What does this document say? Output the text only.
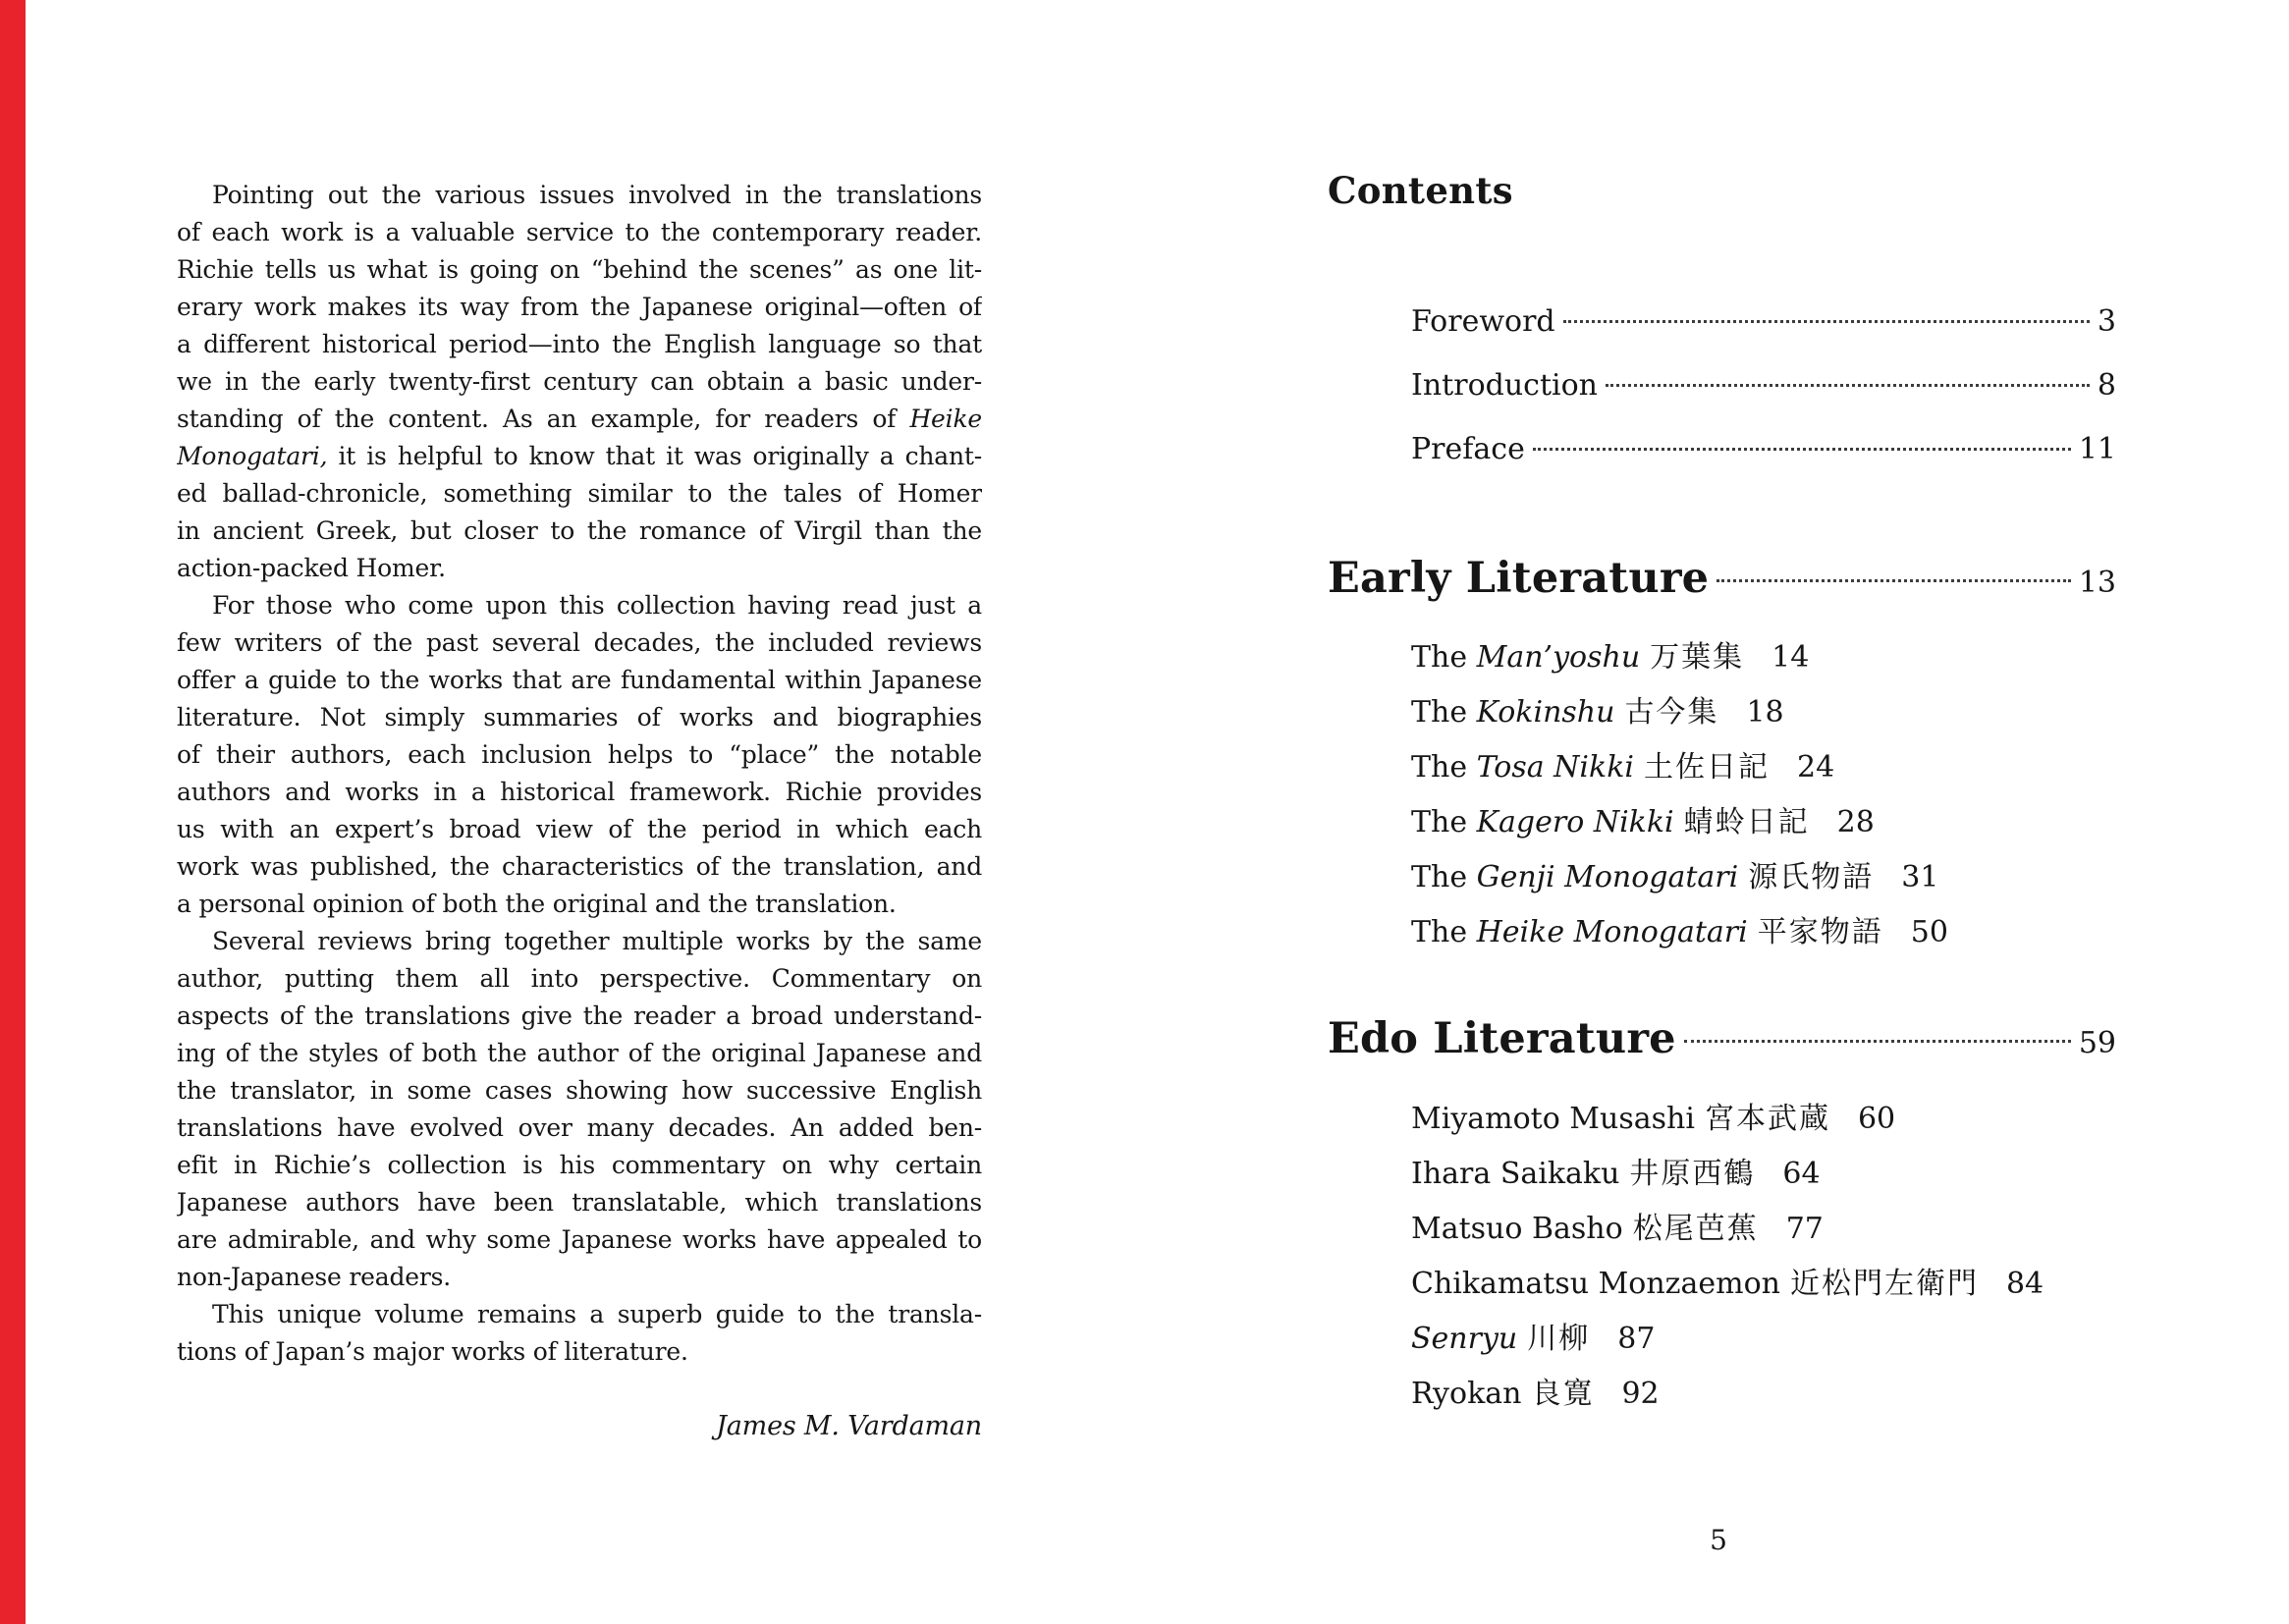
Pointing out the various issues involved in the translations
of each work is a valuable service to the contemporary reader.
Richie tells us what is going on “behind the scenes” as one lit-
erary work makes its way from the Japanese original—often of
a different historical period—into the English language so that
we in the early twenty-first century can obtain a basic under-
standing of the content. As an example, for readers of Heike
Monogatari, it is helpful to know that it was originally a chant-
ed ballad-chronicle, something similar to the tales of Homer
in ancient Greek, but closer to the romance of Virgil than the
action-packed Homer.
For those who come upon this collection having read just a
few writers of the past several decades, the included reviews
offer a guide to the works that are fundamental within Japanese
literature. Not simply summaries of works and biographies
of their authors, each inclusion helps to “place” the notable
authors and works in a historical framework. Richie provides
us with an expert’s broad view of the period in which each
work was published, the characteristics of the translation, and
a personal opinion of both the original and the translation.
Several reviews bring together multiple works by the same
author, putting them all into perspective. Commentary on
aspects of the translations give the reader a broad understand-
ing of the styles of both the author of the original Japanese and
the translator, in some cases showing how successive English
translations have evolved over many decades. An added ben-
efit in Richie’s collection is his commentary on why certain
Japanese authors have been translatable, which translations
are admirable, and why some Japanese works have appealed to
non-Japanese readers.
This unique volume remains a superb guide to the transla-
tions of Japan’s major works of literature.
James M. Vardaman
Contents
Foreword	3
Introduction	8
Preface	11
Early Literature	13
The Man’yoshu 万葉集 14
The Kokinshu 古今集 18
The Tosa Nikki 土佐日記 24
The Kagero Nikki 蜻蛉日記 28
The Genji Monogatari 源氏物語 31
The Heike Monogatari 平家物語 50
Edo Literature	59
Miyamoto Musashi 宮本武蔵 60
Ihara Saikaku 井原西鶴 64
Matsuo Basho 松尾芭蕉 77
Chikamatsu Monzaemon 近松門左衛門 84
Senryu 川柳 87
Ryokan 良寛 92
5
